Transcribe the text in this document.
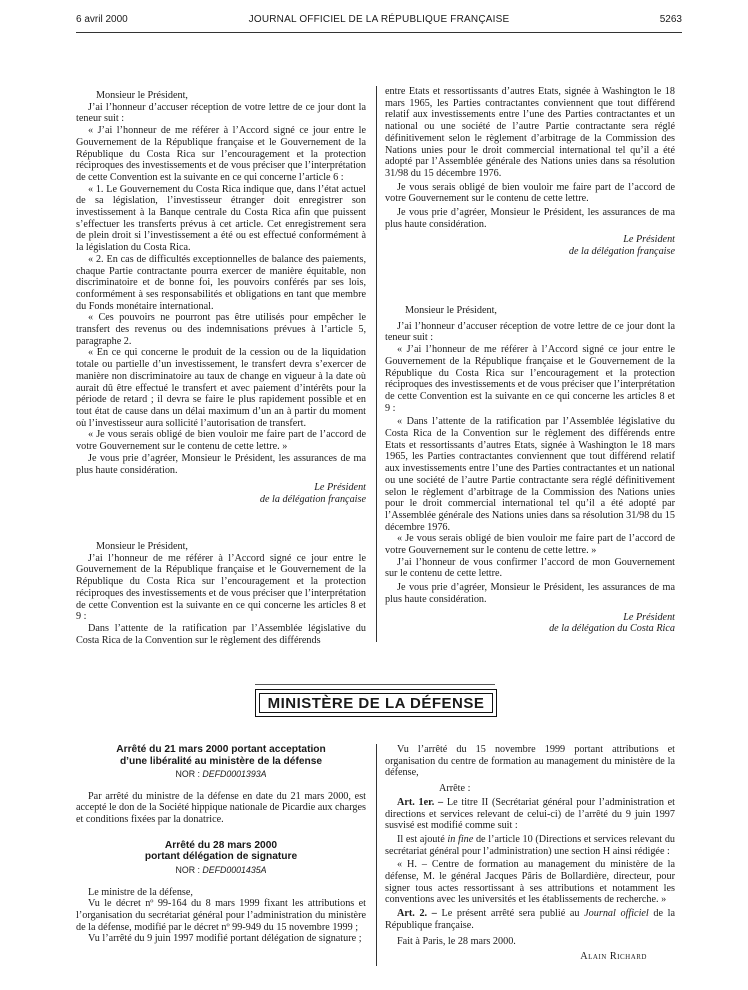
6 avril 2000	JOURNAL OFFICIEL DE LA RÉPUBLIQUE FRANÇAISE	5263

Monsieur le Président,

J’ai l’honneur d’accuser réception de votre lettre de ce jour dont la teneur suit :

« J’ai l’honneur de me référer à l’Accord signé ce jour entre le Gouvernement de la République française et le Gouvernement de la République du Costa Rica sur l’encouragement et la protection réciproques des investissements et de vous préciser que l’interprétation de cette Convention est la suivante en ce qui concerne l’article 6 :

« 1. Le Gouvernement du Costa Rica indique que, dans l’état actuel de sa législation, l’investisseur étranger doit enregistrer son investissement à la Banque centrale du Costa Rica afin que puissent s’effectuer les transferts prévus à cet article. Cet enregistrement sera de plein droit si l’investissement a été ou est effectué conformément à la législation du Costa Rica.

« 2. En cas de difficultés exceptionnelles de balance des paiements, chaque Partie contractante pourra exercer de manière équitable, non discriminatoire et de bonne foi, les pouvoirs conférés par ses lois, conformément à ses responsabilités et obligations en tant que membre du Fonds monétaire international.

« Ces pouvoirs ne pourront pas être utilisés pour empêcher le transfert des revenus ou des indemnisations prévues à l’article 5, paragraphe 2.

« En ce qui concerne le produit de la cession ou de la liquidation totale ou partielle d’un investissement, le transfert devra s’exercer de manière non discriminatoire au taux de change en vigueur à la date où aurait dû être effectué le transfert et avec paiement d’intérêts pour la période de retard ; il devra se faire le plus rapidement possible et en tout état de cause dans un délai maximum d’un an à partir du moment où l’investisseur aura sollicité l’autorisation de transfert.

« Je vous serais obligé de bien vouloir me faire part de l’accord de votre Gouvernement sur le contenu de cette lettre. »

Je vous prie d’agréer, Monsieur le Président, les assurances de ma plus haute considération.

Le Président

de la délégation française

Monsieur le Président,

J’ai l’honneur de me référer à l’Accord signé ce jour entre le Gouvernement de la République française et le Gouvernement de la République du Costa Rica sur l’encouragement et la protection réciproques des investissements et de vous préciser que l’interprétation de cette Convention est la suivante en ce qui concerne les articles 8 et 9 :

Dans l’attente de la ratification par l’Assemblée législative du Costa Rica de la Convention sur le règlement des différends

entre Etats et ressortissants d’autres Etats, signée à Washington le 18 mars 1965, les Parties contractantes conviennent que tout différend relatif aux investissements entre l’une des Parties contractantes et un national ou une société de l’autre Partie contractante sera réglé définitivement selon le règlement d’arbitrage de la Commission des Nations unies pour le droit commercial international tel qu’il a été adopté par l’Assemblée générale des Nations unies dans sa résolution 31/98 du 15 décembre 1976.

Je vous serais obligé de bien vouloir me faire part de l’accord de votre Gouvernement sur le contenu de cette lettre.

Je vous prie d’agréer, Monsieur le Président, les assurances de ma plus haute considération.

Le Président

de la délégation française

Monsieur le Président,

J’ai l’honneur d’accuser réception de votre lettre de ce jour dont la teneur suit :

« J’ai l’honneur de me référer à l’Accord signé ce jour entre le Gouvernement de la République française et le Gouvernement de la République du Costa Rica sur l’encouragement et la protection réciproques des investissements et de vous préciser que l’interprétation de cette Convention est la suivante en ce qui concerne les articles 8 et 9 :

« Dans l’attente de la ratification par l’Assemblée législative du Costa Rica de la Convention sur le règlement des différends entre Etats et ressortissants d’autres Etats, signée à Washington le 18 mars 1965, les Parties contractantes conviennent que tout différend relatif aux investissements entre l’une des Parties contractantes et un national ou une société de l’autre Partie contractante sera réglé définitivement selon le règlement d’arbitrage de la Commission des Nations unies pour le droit commercial international tel qu’il a été adopté par l’Assemblée générale des Nations unies dans sa résolution 31/98 du 15 décembre 1976.

« Je vous serais obligé de bien vouloir me faire part de l’accord de votre Gouvernement sur le contenu de cette lettre. »

J’ai l’honneur de vous confirmer l’accord de mon Gouvernement sur le contenu de cette lettre.

Je vous prie d’agréer, Monsieur le Président, les assurances de ma plus haute considération.

Le Président

de la délégation du Costa Rica

MINISTÈRE DE LA DÉFENSE
Arrêté du 21 mars 2000 portant acceptation
d’une libéralité au ministère de la défense
NOR : DEFD0001393A

Par arrêté du ministre de la défense en date du 21 mars 2000, est accepté le don de la Société hippique nationale de Picardie aux charges et conditions fixées par la donatrice.

Arrêté du 28 mars 2000
portant délégation de signature
NOR : DEFD0001435A

Le ministre de la défense,

Vu le décret nº 99-164 du 8 mars 1999 fixant les attributions et l’organisation du secrétariat général pour l’administration du ministère de la défense, modifié par le décret nº 99-949 du 15 novembre 1999 ;

Vu l’arrêté du 9 juin 1997 modifié portant délégation de signature ;

Vu l’arrêté du 15 novembre 1999 portant attributions et organisation du centre de formation au management du ministère de la défense,

Arrête :

Art. 1er. – Le titre II (Secrétariat général pour l’administration et directions et services relevant de celui-ci) de l’arrêté du 9 juin 1997 susvisé est modifié comme suit :

Il est ajouté in fine de l’article 10 (Directions et services relevant du secrétariat général pour l’administration) une section H ainsi rédigée :

« H. – Centre de formation au management du ministère de la défense, M. le général Jacques Pâris de Bollardière, directeur, pour signer tous actes ressortissant à ses attributions et notamment les conventions avec les universités et les établissements de recherche. »

Art. 2. – Le présent arrêté sera publié au Journal officiel de la République française.

Fait à Paris, le 28 mars 2000.

Alain Richard
